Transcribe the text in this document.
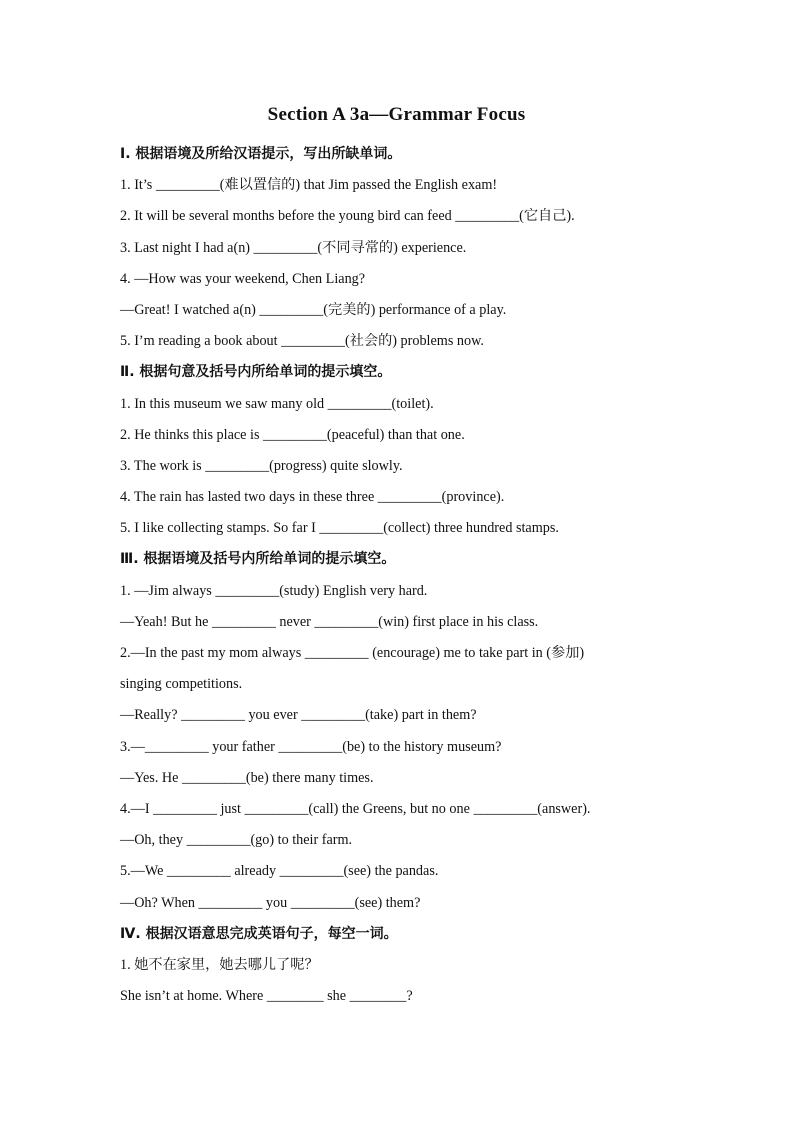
Section A 3a—Grammar Focus
Ⅰ. 根据语境及所给汉语提示，写出所缺单词。
1. It’s _________(难以置信的) that Jim passed the English exam!
2. It will be several months before the young bird can feed _________(它自己).
3. Last night I had a(n) _________(不同寻常的) experience.
4. —How was your weekend, Chen Liang?
—Great! I watched a(n) _________(完美的) performance of a play.
5. I’m reading a book about _________(社会的) problems now.
Ⅱ. 根据句意及括号内所给单词的提示填空。
1. In this museum we saw many old _________(toilet).
2. He thinks this place is _________(peaceful) than that one.
3. The work is _________(progress) quite slowly.
4. The rain has lasted two days in these three _________(province).
5. I like collecting stamps. So far I _________(collect) three hundred stamps.
Ⅲ. 根据语境及括号内所给单词的提示填空。
1. —Jim always _________(study) English very hard.
—Yeah! But he _________ never _________(win) first place in his class.
2.—In the past my mom always _________ (encourage) me to take part in (参加)
singing competitions.
—Really? _________ you ever _________(take) part in them?
3.—_________ your father _________(be) to the history museum?
—Yes. He _________(be) there many times.
4.—I _________ just _________(call) the Greens, but no one _________(answer).
—Oh, they _________(go) to their farm.
5.—We _________ already _________(see) the pandas.
—Oh? When _________ you _________(see) them?
Ⅳ. 根据汉语意思完成英语句子，每空一词。
1. 她不在家里，她去哪儿了呢？
She isn’t at home. Where ________ she ________?
